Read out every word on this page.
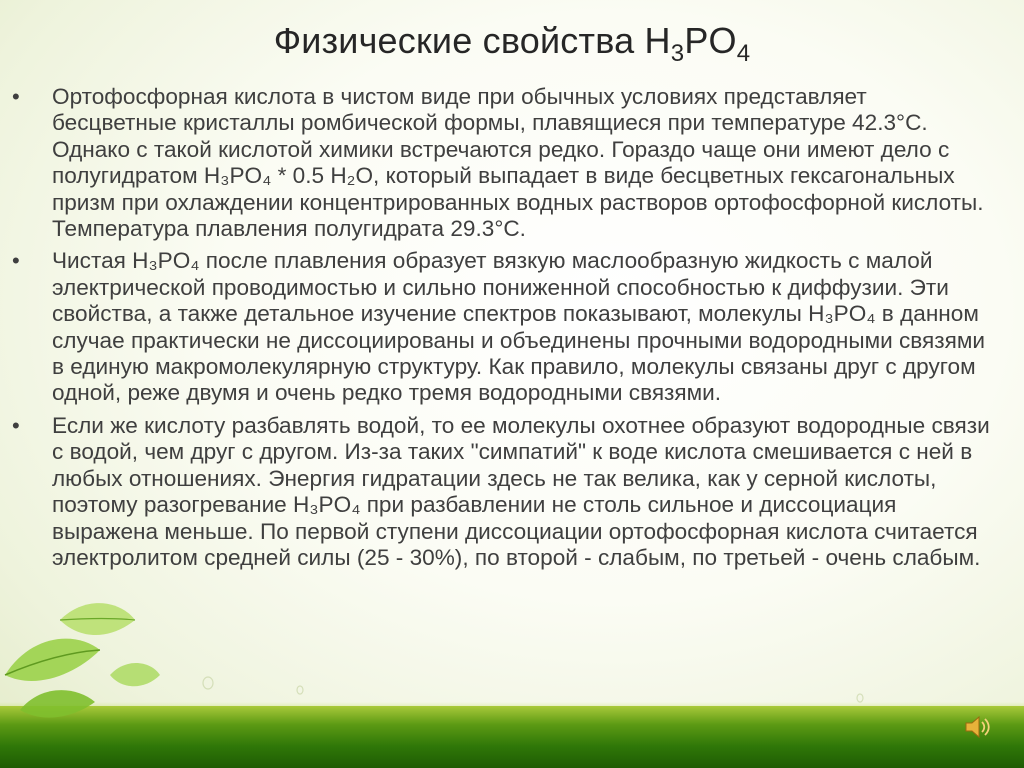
Физические свойства $H_3PO_4$
•	Ортофосфорная кислота в чистом виде при обычных условиях представляет бесцветные кристаллы ромбической формы, плавящиеся при температуре 42.3°С. Однако с такой кислотой химики встречаются редко. Гораздо чаще они имеют дело с полугидратом H₃PO₄ * 0.5 H₂O, который выпадает в виде бесцветных гексагональных призм при охлаждении концентрированных водных растворов ортофосфорной кислоты. Температура плавления полугидрата 29.3°С.
•	Чистая H₃PO₄ после плавления образует вязкую маслообразную жидкость с малой электрической проводимостью и сильно пониженной способностью к диффузии. Эти свойства, а также детальное изучение спектров показывают, молекулы H₃PO₄ в данном случае практически не диссоциированы и объединены прочными водородными связями в единую макромолекулярную структуру. Как правило, молекулы связаны друг с другом одной, реже двумя и очень редко тремя водородными связями.
•	Если же кислоту разбавлять водой, то ее молекулы охотнее образуют водородные связи с водой, чем друг с другом. Из-за таких "симпатий" к воде кислота смешивается с ней в любых отношениях. Энергия гидратации здесь не так велика, как у серной кислоты, поэтому разогревание H₃PO₄ при разбавлении не столь сильное и диссоциация выражена меньше. По первой ступени диссоциации ортофосфорная кислота считается электролитом средней силы (25 - 30%), по второй - слабым, по третьей - очень слабым.
